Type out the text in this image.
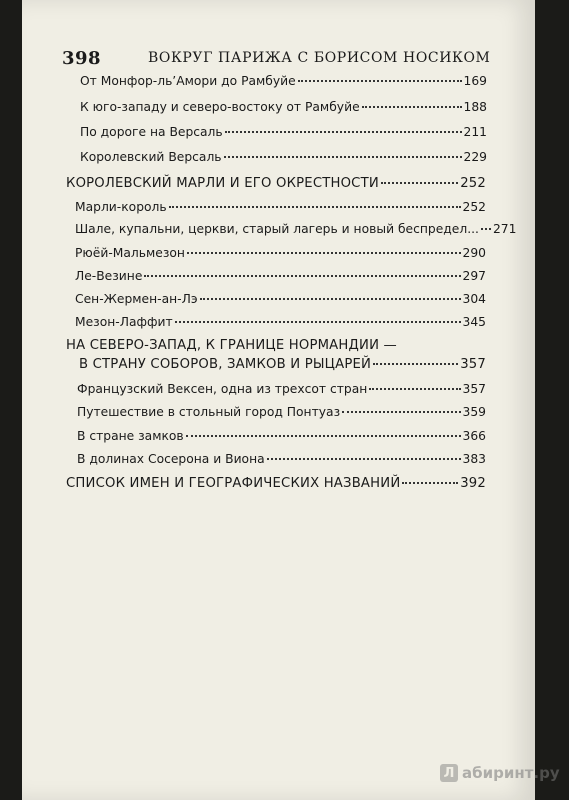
398	ВОКРУГ ПАРИЖА С БОРИСОМ НОСИКОМ
От Монфор-ль’Амори до Рамбуйе	169
К юго-западу и северо-востоку от Рамбуйе	188
По дороге на Версаль	211
Королевский Версаль	229
КОРОЛЕВСКИЙ МАРЛИ И ЕГО ОКРЕСТНОСТИ	252
Марли-король	252
Шале, купальни, церкви, старый лагерь и новый беспредел... 271
Рюёй-Мальмезон	290
Ле-Везине	297
Сен-Жермен-ан-Лэ	304
Мезон-Лаффит	345
НА СЕВЕРО-ЗАПАД, К ГРАНИЦЕ НОРМАНДИИ —
В СТРАНУ СОБОРОВ, ЗАМКОВ И РЫЦАРЕЙ	357
Французский Вексен, одна из трехсот стран	357
Путешествие в стольный город Понтуаз	359
В стране замков	366
В долинах Сосерона и Виона	383
СПИСОК ИМЕН И ГЕОГРАФИЧЕСКИХ НАЗВАНИЙ	392
Л абиринт.ру
